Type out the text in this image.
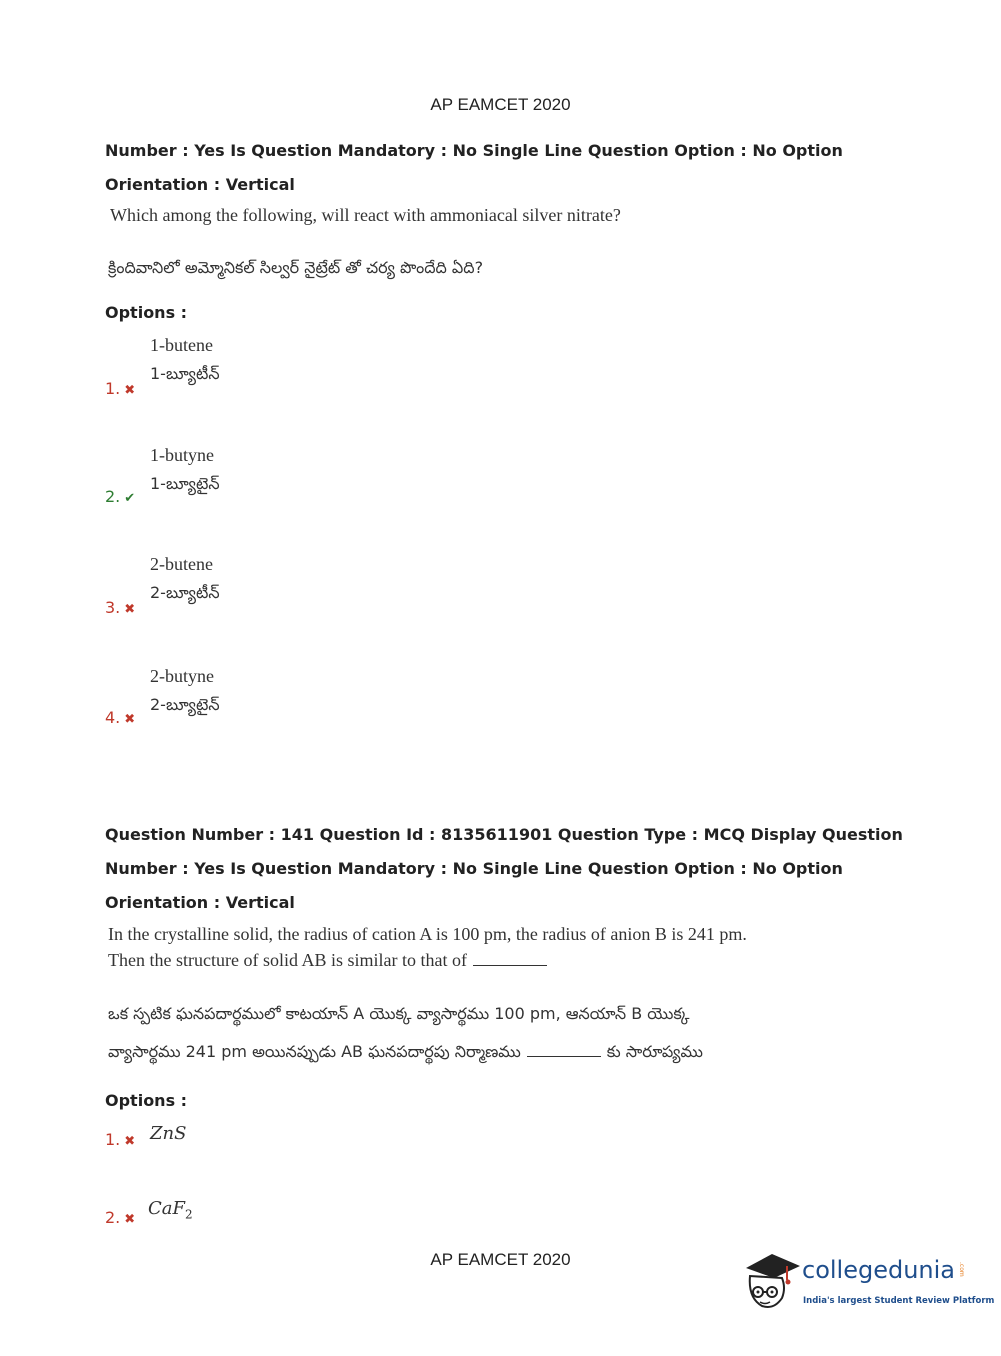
AP EAMCET 2020
Number : Yes Is Question Mandatory : No Single Line Question Option : No Option
Orientation : Vertical
Which among the following, will react with ammoniacal silver nitrate?
క్రిందివానిలో అమ్మోనికల్ సిల్వర్ నైట్రేట్ తో చర్య పొందేది ఏది?
Options :
1-butene
1-బ్యూటీన్
1. ✖
1-butyne
1-బ్యూటైన్
2. ✔
2-butene
2-బ్యూటీన్
3. ✖
2-butyne
2-బ్యూటైన్
4. ✖
Question Number : 141 Question Id : 8135611901 Question Type : MCQ Display Question
Number : Yes Is Question Mandatory : No Single Line Question Option : No Option
Orientation : Vertical
In the crystalline solid, the radius of cation A is 100 pm, the radius of anion B is 241 pm.
Then the structure of solid AB is similar to that of
ఒక స్పటిక ఘనపదార్థములో కాటయాన్ A యొక్క వ్యాసార్థము 100 pm, ఆనయాన్ B యొక్క
వ్యాసార్థము 241 pm అయినప్పుడు AB ఘనపదార్థపు నిర్మాణము	కు సారూప్యము
Options :
ZnS
1. ✖
CaF$_2$
2. ✖
AP EAMCET 2020	collegedunia .com
India's largest Student Review Platform
